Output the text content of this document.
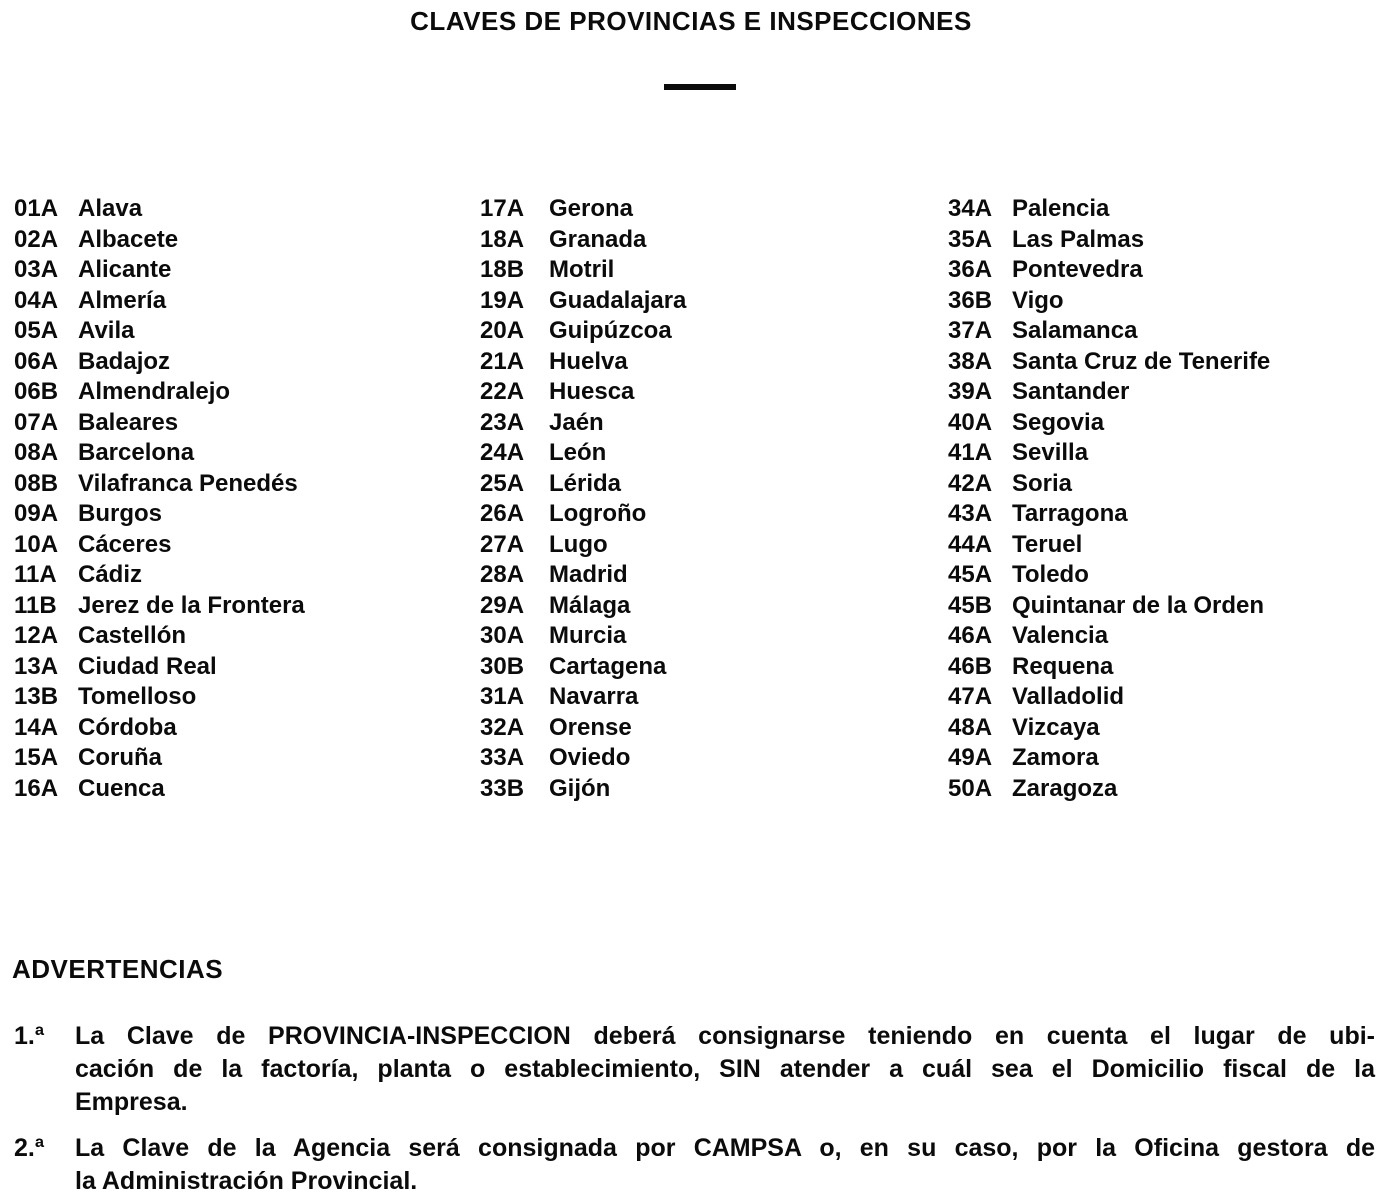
CLAVES DE PROVINCIAS E INSPECCIONES
01A Alava
02A Albacete
03A Alicante
04A Almería
05A Avila
06A Badajoz
06B Almendralejo
07A Baleares
08A Barcelona
08B Vilafranca Penedés
09A Burgos
10A Cáceres
11A Cádiz
11B Jerez de la Frontera
12A Castellón
13A Ciudad Real
13B Tomelloso
14A Córdoba
15A Coruña
16A Cuenca
17A	Gerona
18A	Granada
18B	Motril
19A	Guadalajara
20A	Guipúzcoa
21A	Huelva
22A	Huesca
23A	Jaén
24A	León
25A	Lérida
26A	Logroño
27A	Lugo
28A	Madrid
29A	Málaga
30A	Murcia
30B	Cartagena
31A	Navarra
32A	Orense
33A	Oviedo
33B	Gijón
34A Palencia
35A Las Palmas
36A Pontevedra
36B Vigo
37A Salamanca
38A Santa Cruz de Tenerife
39A Santander
40A Segovia
41A Sevilla
42A Soria
43A Tarragona
44A Teruel
45A Toledo
45B Quintanar de la Orden
46A Valencia
46B Requena
47A Valladolid
48A Vizcaya
49A Zamora
50A Zaragoza
ADVERTENCIAS
1.ª	La Clave de PROVINCIA-INSPECCION deberá consignarse teniendo en cuenta el lugar de ubi-
cación de la factoría, planta o establecimiento, SIN atender a cuál sea el Domicilio fiscal de la
Empresa.
2.ª	La Clave de la Agencia será consignada por CAMPSA o, en su caso, por la Oficina gestora de
la Administración Provincial.
